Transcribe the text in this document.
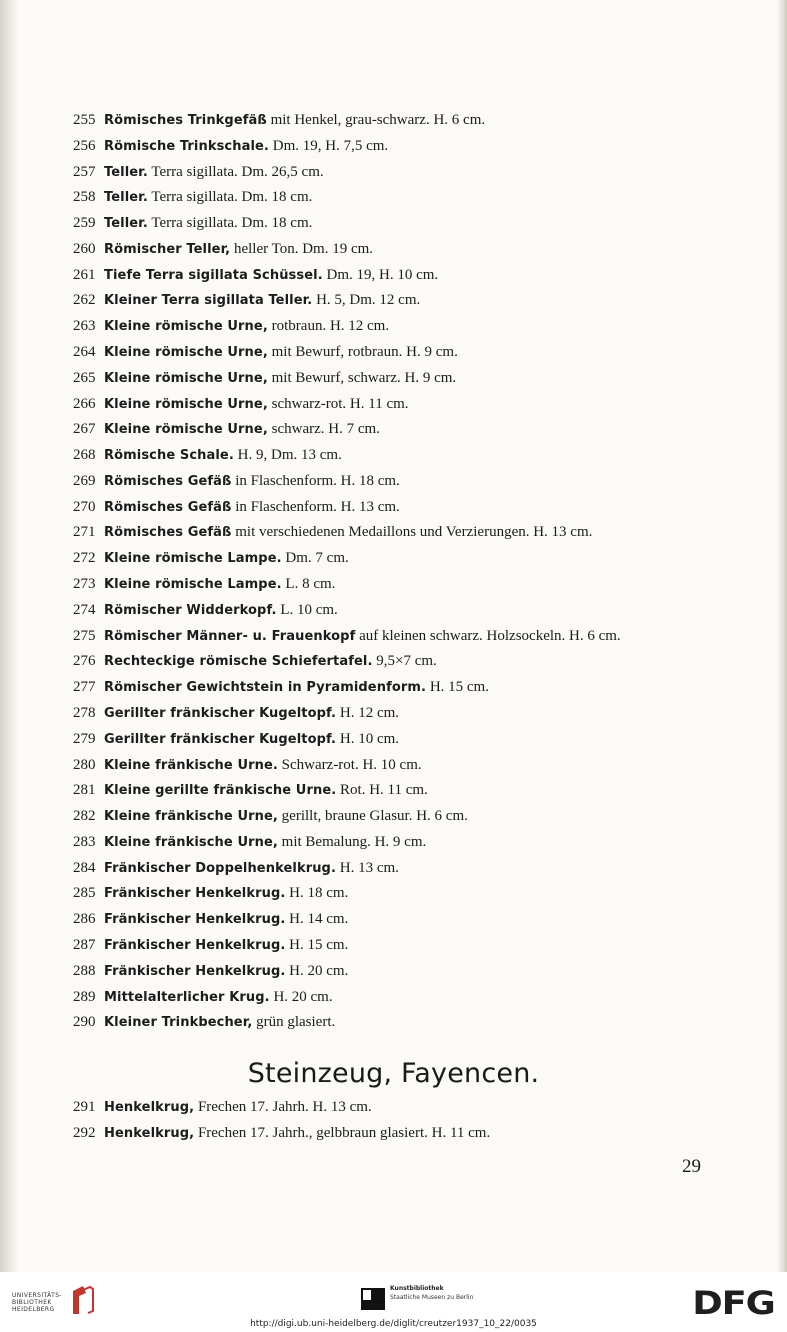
255 Römisches Trinkgefäß mit Henkel, grau-schwarz. H. 6 cm.
256 Römische Trinkschale. Dm. 19, H. 7,5 cm.
257 Teller. Terra sigillata. Dm. 26,5 cm.
258 Teller. Terra sigillata. Dm. 18 cm.
259 Teller. Terra sigillata. Dm. 18 cm.
260 Römischer Teller, heller Ton. Dm. 19 cm.
261 Tiefe Terra sigillata Schüssel. Dm. 19, H. 10 cm.
262 Kleiner Terra sigillata Teller. H. 5, Dm. 12 cm.
263 Kleine römische Urne, rotbraun. H. 12 cm.
264 Kleine römische Urne, mit Bewurf, rotbraun. H. 9 cm.
265 Kleine römische Urne, mit Bewurf, schwarz. H. 9 cm.
266 Kleine römische Urne, schwarz-rot. H. 11 cm.
267 Kleine römische Urne, schwarz. H. 7 cm.
268 Römische Schale. H. 9, Dm. 13 cm.
269 Römisches Gefäß in Flaschenform. H. 18 cm.
270 Römisches Gefäß in Flaschenform. H. 13 cm.
271 Römisches Gefäß mit verschiedenen Medaillons und Verzierungen. H. 13 cm.
272 Kleine römische Lampe. Dm. 7 cm.
273 Kleine römische Lampe. L. 8 cm.
274 Römischer Widderkopf. L. 10 cm.
275 Römischer Männer- u. Frauenkopf auf kleinen schwarz. Holzsockeln. H. 6 cm.
276 Rechteckige römische Schiefertafel. 9,5×7 cm.
277 Römischer Gewichtstein in Pyramidenform. H. 15 cm.
278 Gerillter fränkischer Kugeltopf. H. 12 cm.
279 Gerillter fränkischer Kugeltopf. H. 10 cm.
280 Kleine fränkische Urne. Schwarz-rot. H. 10 cm.
281 Kleine gerillte fränkische Urne. Rot. H. 11 cm.
282 Kleine fränkische Urne, gerillt, braune Glasur. H. 6 cm.
283 Kleine fränkische Urne, mit Bemalung. H. 9 cm.
284 Fränkischer Doppelhenkelkrug. H. 13 cm.
285 Fränkischer Henkelkrug. H. 18 cm.
286 Fränkischer Henkelkrug. H. 14 cm.
287 Fränkischer Henkelkrug. H. 15 cm.
288 Fränkischer Henkelkrug. H. 20 cm.
289 Mittelalterlicher Krug. H. 20 cm.
290 Kleiner Trinkbecher, grün glasiert.
Steinzeug, Fayencen.
291 Henkelkrug, Frechen 17. Jahrh. H. 13 cm.
292 Henkelkrug, Frechen 17. Jahrh., gelbbraun glasiert. H. 11 cm.
29
UNIVERSITÄTS-
BIBLIOTHEK
HEIDELBERG
Kunstbibliothek
Staatliche Museen zu Berlin	DFG
http://digi.ub.uni-heidelberg.de/diglit/creutzer1937_10_22/0035
